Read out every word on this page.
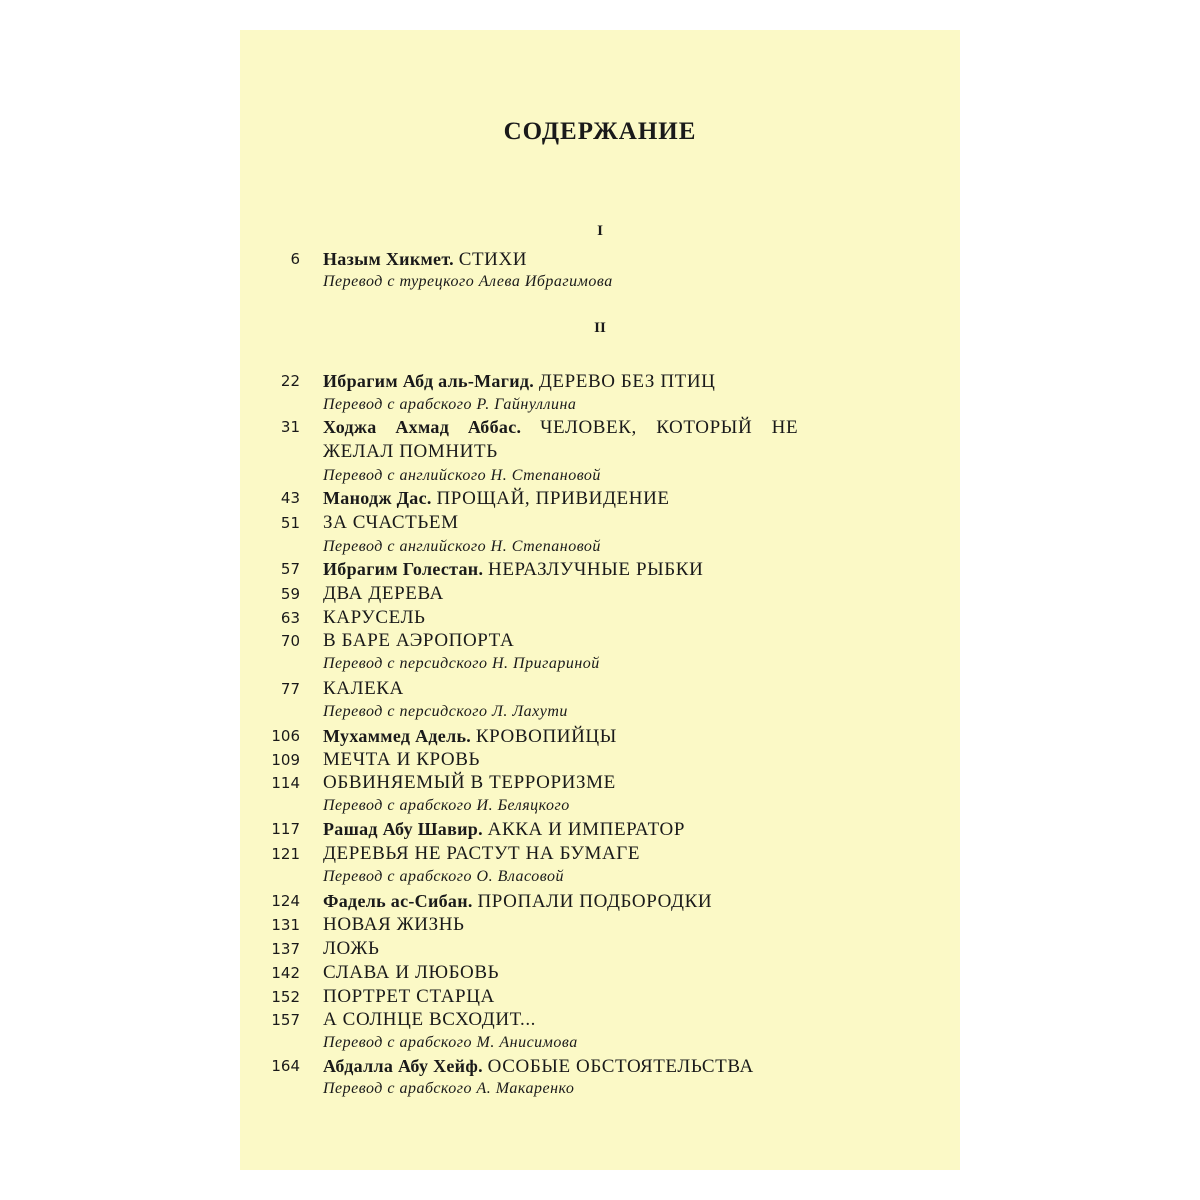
СОДЕРЖАНИЕ
I
6 Назым Хикмет. СТИХИ
Перевод с турецкого Алева Ибрагимова
II
22 Ибрагим Абд аль-Магид. ДЕРЕВО БЕЗ ПТИЦ
Перевод с арабского Р. Гайнуллина
31 Ходжа Ахмад Аббас. ЧЕЛОВЕК, КОТОРЫЙ НЕ
ЖЕЛАЛ ПОМНИТЬ
Перевод с английского Н. Степановой
43 Манодж Дас. ПРОЩАЙ, ПРИВИДЕНИЕ
51 ЗА СЧАСТЬЕМ
Перевод с английского Н. Степановой
57 Ибрагим Голестан. НЕРАЗЛУЧНЫЕ РЫБКИ
59 ДВА ДЕРЕВА
63 КАРУСЕЛЬ
70 В БАРЕ АЭРОПОРТА
Перевод с персидского Н. Пригариной
77 КАЛЕКА
Перевод с персидского Л. Лахути
106 Мухаммед Адель. КРОВОПИЙЦЫ
109 МЕЧТА И КРОВЬ
114 ОБВИНЯЕМЫЙ В ТЕРРОРИЗМЕ
Перевод с арабского И. Беляцкого
117 Рашад Абу Шавир. АККА И ИМПЕРАТОР
121 ДЕРЕВЬЯ НЕ РАСТУТ НА БУМАГЕ
Перевод с арабского О. Власовой
124 Фадель ас-Сибан. ПРОПАЛИ ПОДБОРОДКИ
131 НОВАЯ ЖИЗНЬ
137 ЛОЖЬ
142 СЛАВА И ЛЮБОВЬ
152 ПОРТРЕТ СТАРЦА
157 А СОЛНЦЕ ВСХОДИТ...
Перевод с арабского М. Анисимова
164 Абдалла Абу Хейф. ОСОБЫЕ ОБСТОЯТЕЛЬСТВА
Перевод с арабского А. Макаренко
